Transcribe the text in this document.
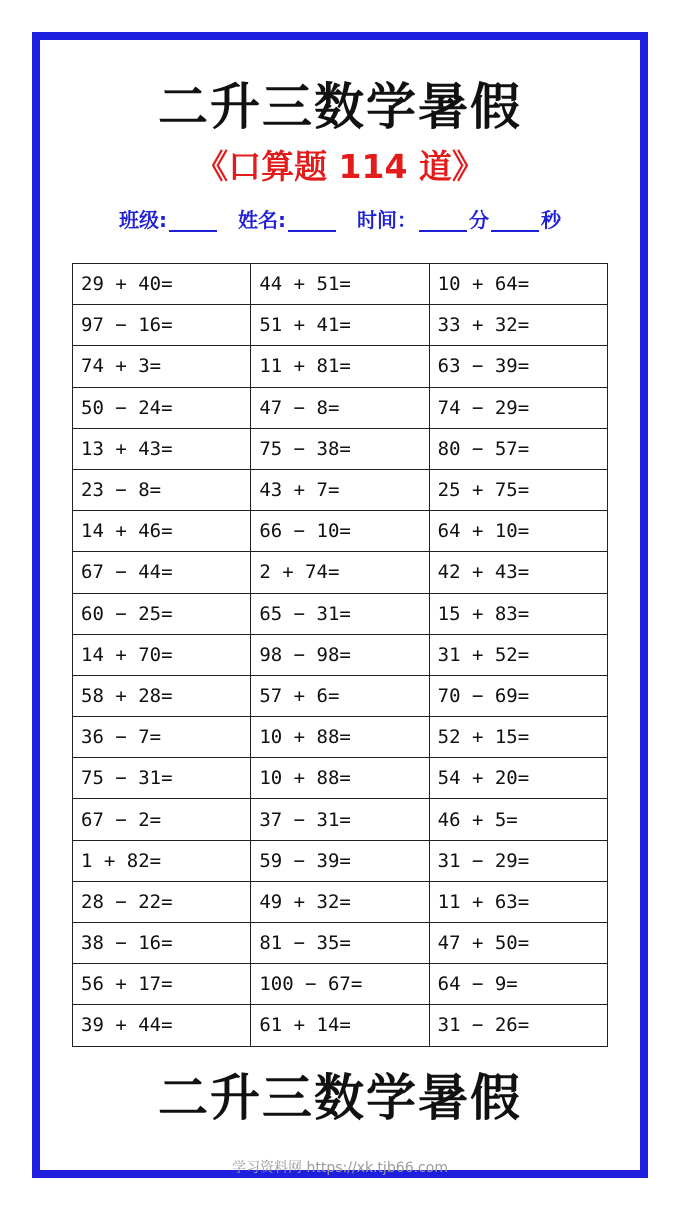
二升三数学暑假
《口算题 114 道》
班级:	姓名:	时间：	分	秒
29 + 40=	44 + 51=	10 + 64=
97 − 16=	51 + 41=	33 + 32=
74 + 3=	11 + 81=	63 − 39=
50 − 24=	47 − 8=	74 − 29=
13 + 43=	75 − 38=	80 − 57=
23 − 8=	43 + 7=	25 + 75=
14 + 46=	66 − 10=	64 + 10=
67 − 44=	2 + 74=	42 + 43=
60 − 25=	65 − 31=	15 + 83=
14 + 70=	98 − 98=	31 + 52=
58 + 28=	57 + 6=	70 − 69=
36 − 7=	10 + 88=	52 + 15=
75 − 31=	10 + 88=	54 + 20=
67 − 2=	37 − 31=	46 + 5=
1 + 82=	59 − 39=	31 − 29=
28 − 22=	49 + 32=	11 + 63=
38 − 16=	81 − 35=	47 + 50=
56 + 17=	100 − 67=	64 − 9=
39 + 44=	61 + 14=	31 − 26=
二升三数学暑假
学习资料网 https://xk.tjb66.com
